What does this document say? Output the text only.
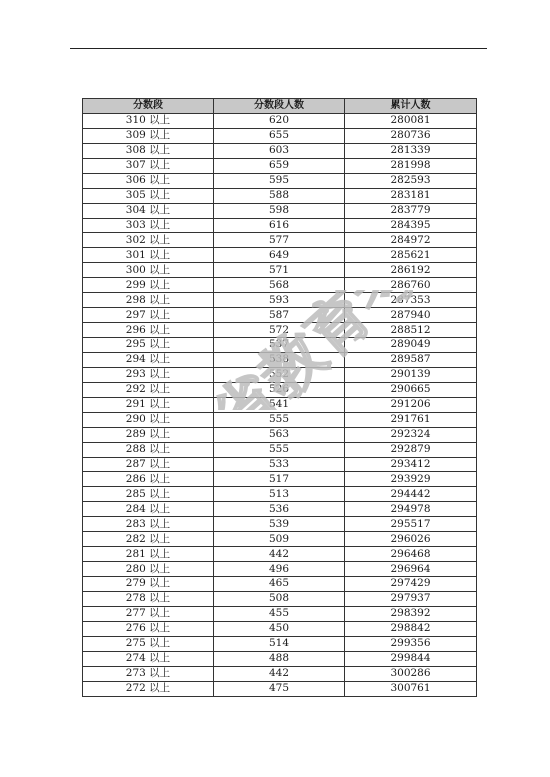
分数段	分数段人数	累计人数
310 以上	620	280081
309 以上	655	280736
308 以上	603	281339
307 以上	659	281998
306 以上	595	282593
305 以上	588	283181
304 以上	598	283779
303 以上	616	284395
302 以上	577	284972
301 以上	649	285621
300 以上	571	286192
299 以上	568	286760
298 以上	593	287353
297 以上	587	287940
296 以上	572	288512
295 以上	537	289049
294 以上	538	289587
293 以上	552	290139
292 以上	526	290665
291 以上	541	291206
290 以上	555	291761
289 以上	563	292324
288 以上	555	292879
287 以上	533	293412
286 以上	517	293929
285 以上	513	294442
284 以上	536	294978
283 以上	539	295517
282 以上	509	296026
281 以上	442	296468
280 以上	496	296964
279 以上	465	297429
278 以上	508	297937
277 以上	455	298392
276 以上	450	298842
275 以上	514	299356
274 以上	488	299844
273 以上	442	300286
272 以上	475	300761
